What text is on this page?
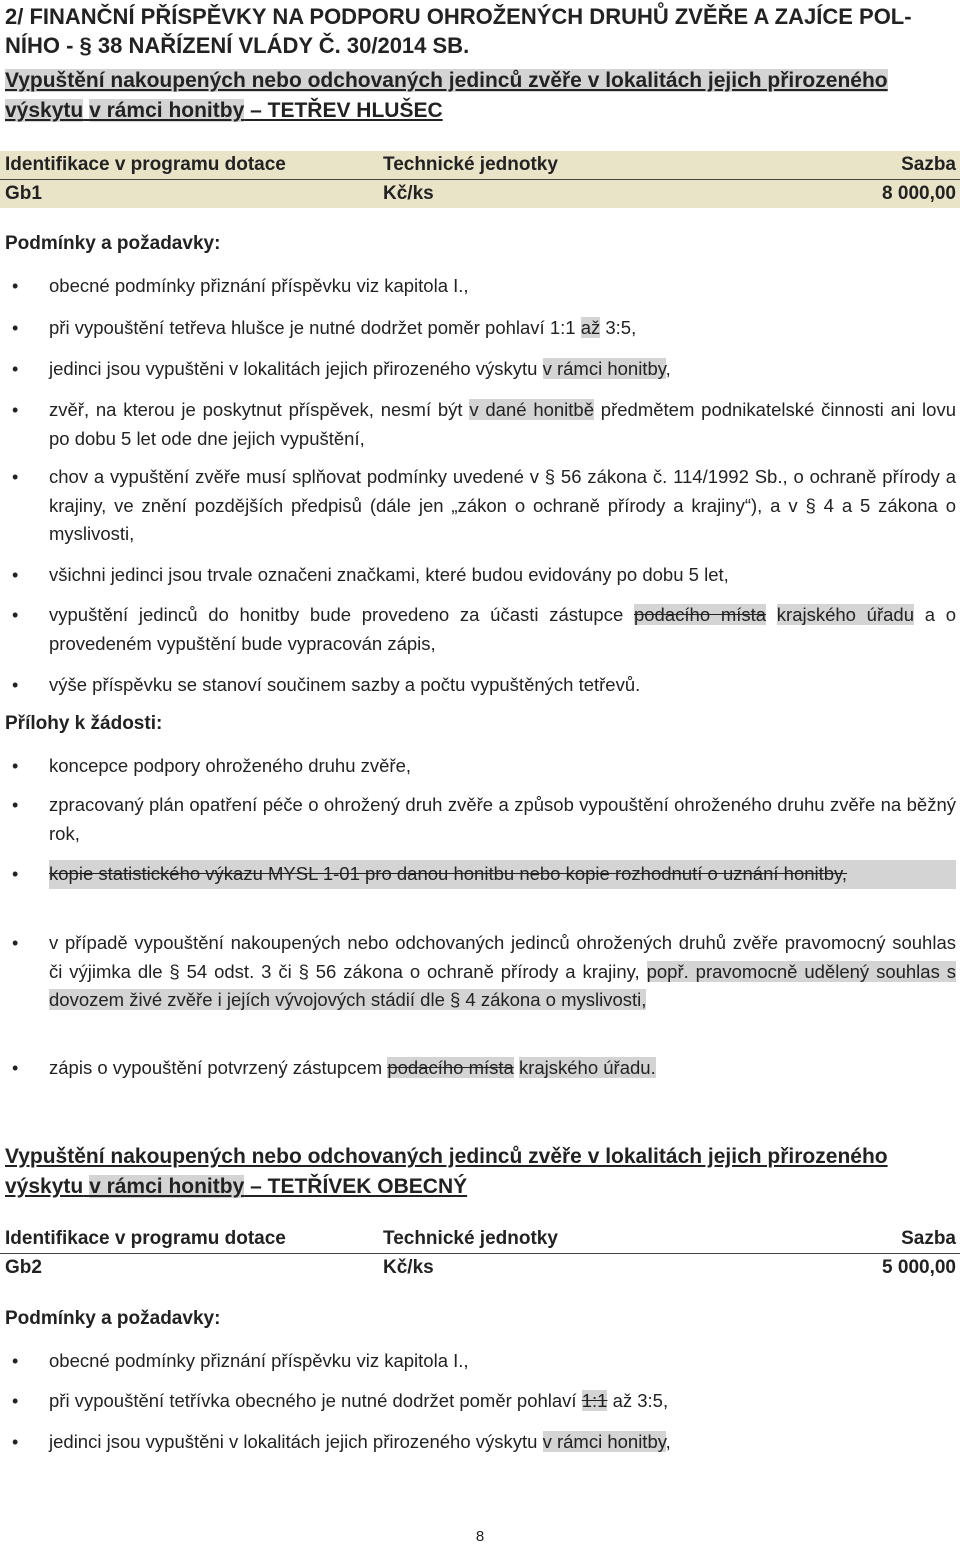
2/ FINANČNÍ PŘÍSPĚVKY NA PODPORU OHROŽENÝCH DRUHŮ ZVĚŘE A ZAJÍCE POL-NÍHO - § 38 NAŘÍZENÍ VLÁDY Č. 30/2014 SB.
Vypuštění nakoupených nebo odchovaných jedinců zvěře v lokalitách jejich přirozeného výskytu v rámci honitby – TETŘEV HLUŠEC
Identifikace v programu dotace	Technické jednotky	Sazba
Gb1	Kč/ks	8 000,00
Podmínky a požadavky:
• obecné podmínky přiznání příspěvku viz kapitola I.,
• při vypouštění tetřeva hlušce je nutné dodržet poměr pohlaví 1:1 až 3:5,
• jedinci jsou vypuštěni v lokalitách jejich přirozeného výskytu v rámci honitby,
• zvěř, na kterou je poskytnut příspěvek, nesmí být v dané honitbě předmětem podnikatelské činnosti ani lovu po dobu 5 let ode dne jejich vypuštění,
• chov a vypuštění zvěře musí splňovat podmínky uvedené v § 56 zákona č. 114/1992 Sb., o ochraně přírody a krajiny, ve znění pozdějších předpisů (dále jen „zákon o ochraně přírody a krajiny“), a v § 4 a 5 zákona o myslivosti,
• všichni jedinci jsou trvale označeni značkami, které budou evidovány po dobu 5 let,
• vypuštění jedinců do honitby bude provedeno za účasti zástupce podacího místa krajského úřadu a o provedeném vypuštění bude vypracován zápis,
• výše příspěvku se stanoví součinem sazby a počtu vypuštěných tetřevů.
Přílohy k žádosti:
• koncepce podpory ohroženého druhu zvěře,
• zpracovaný plán opatření péče o ohrožený druh zvěře a způsob vypouštění ohroženého druhu zvěře na běžný rok,
• kopie statistického výkazu MYSL 1-01 pro danou honitbu nebo kopie rozhodnutí o uznání honitby,
• v případě vypouštění nakoupených nebo odchovaných jedinců ohrožených druhů zvěře pravomocný souhlas či výjimka dle § 54 odst. 3 či § 56 zákona o ochraně přírody a krajiny, popř. pravomocně udělený souhlas s dovozem živé zvěře i jejích vývojových stádií dle § 4 zákona o myslivosti,
• zápis o vypouštění potvrzený zástupcem podacího místa krajského úřadu.
Vypuštění nakoupených nebo odchovaných jedinců zvěře v lokalitách jejich přirozeného výskytu v rámci honitby – TETŘÍVEK OBECNÝ
Identifikace v programu dotace	Technické jednotky	Sazba
Gb2	Kč/ks	5 000,00
Podmínky a požadavky:
• obecné podmínky přiznání příspěvku viz kapitola I.,
• při vypouštění tetřívka obecného je nutné dodržet poměr pohlaví 1:1 až 3:5,
• jedinci jsou vypuštěni v lokalitách jejich přirozeného výskytu v rámci honitby,
8
